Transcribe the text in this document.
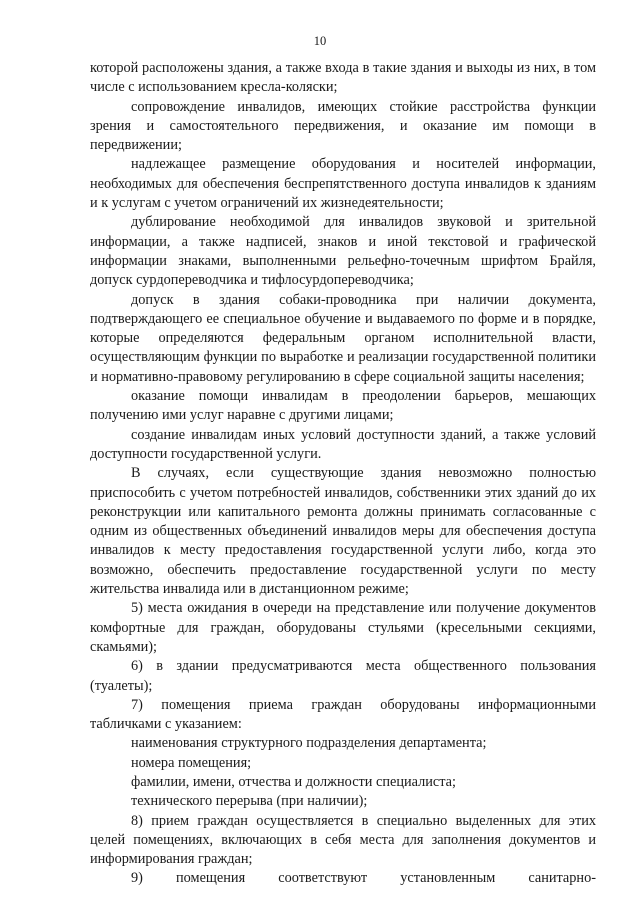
10

которой расположены здания, а также входа в такие здания и выходы из них, в том числе с использованием кресла-коляски;

сопровождение инвалидов, имеющих стойкие расстройства функции зрения и самостоятельного передвижения, и оказание им помощи в передвижении;

надлежащее размещение оборудования и носителей информации, необходимых для обеспечения беспрепятственного доступа инвалидов к зданиям и к услугам с учетом ограничений их жизнедеятельности;

дублирование необходимой для инвалидов звуковой и зрительной информации, а также надписей, знаков и иной текстовой и графической информации знаками, выполненными рельефно-точечным шрифтом Брайля, допуск сурдопереводчика и тифлосурдопереводчика;

допуск в здания собаки-проводника при наличии документа, подтверждающего ее специальное обучение и выдаваемого по форме и в порядке, которые определяются федеральным органом исполнительной власти, осуществляющим функции по выработке и реализации государственной политики и нормативно-правовому регулированию в сфере социальной защиты населения;

оказание помощи инвалидам в преодолении барьеров, мешающих получению ими услуг наравне с другими лицами;

создание инвалидам иных условий доступности зданий, а также условий доступности государственной услуги.

В случаях, если существующие здания невозможно полностью приспособить с учетом потребностей инвалидов, собственники этих зданий до их реконструкции или капитального ремонта должны принимать согласованные с одним из общественных объединений инвалидов меры для обеспечения доступа инвалидов к месту предоставления государственной услуги либо, когда это возможно, обеспечить предоставление государственной услуги по месту жительства инвалида или в дистанционном режиме;

5) места ожидания в очереди на представление или получение документов комфортные для граждан, оборудованы стульями (кресельными секциями, скамьями);

6) в здании предусматриваются места общественного пользования (туалеты);

7) помещения приема граждан оборудованы информационными табличками с указанием:

наименования структурного подразделения департамента;

номера помещения;

фамилии, имени, отчества и должности специалиста;

технического перерыва (при наличии);

8) прием граждан осуществляется в специально выделенных для этих целей помещениях, включающих в себя места для заполнения документов и информирования граждан;

9) помещения соответствуют установленным санитарно-
